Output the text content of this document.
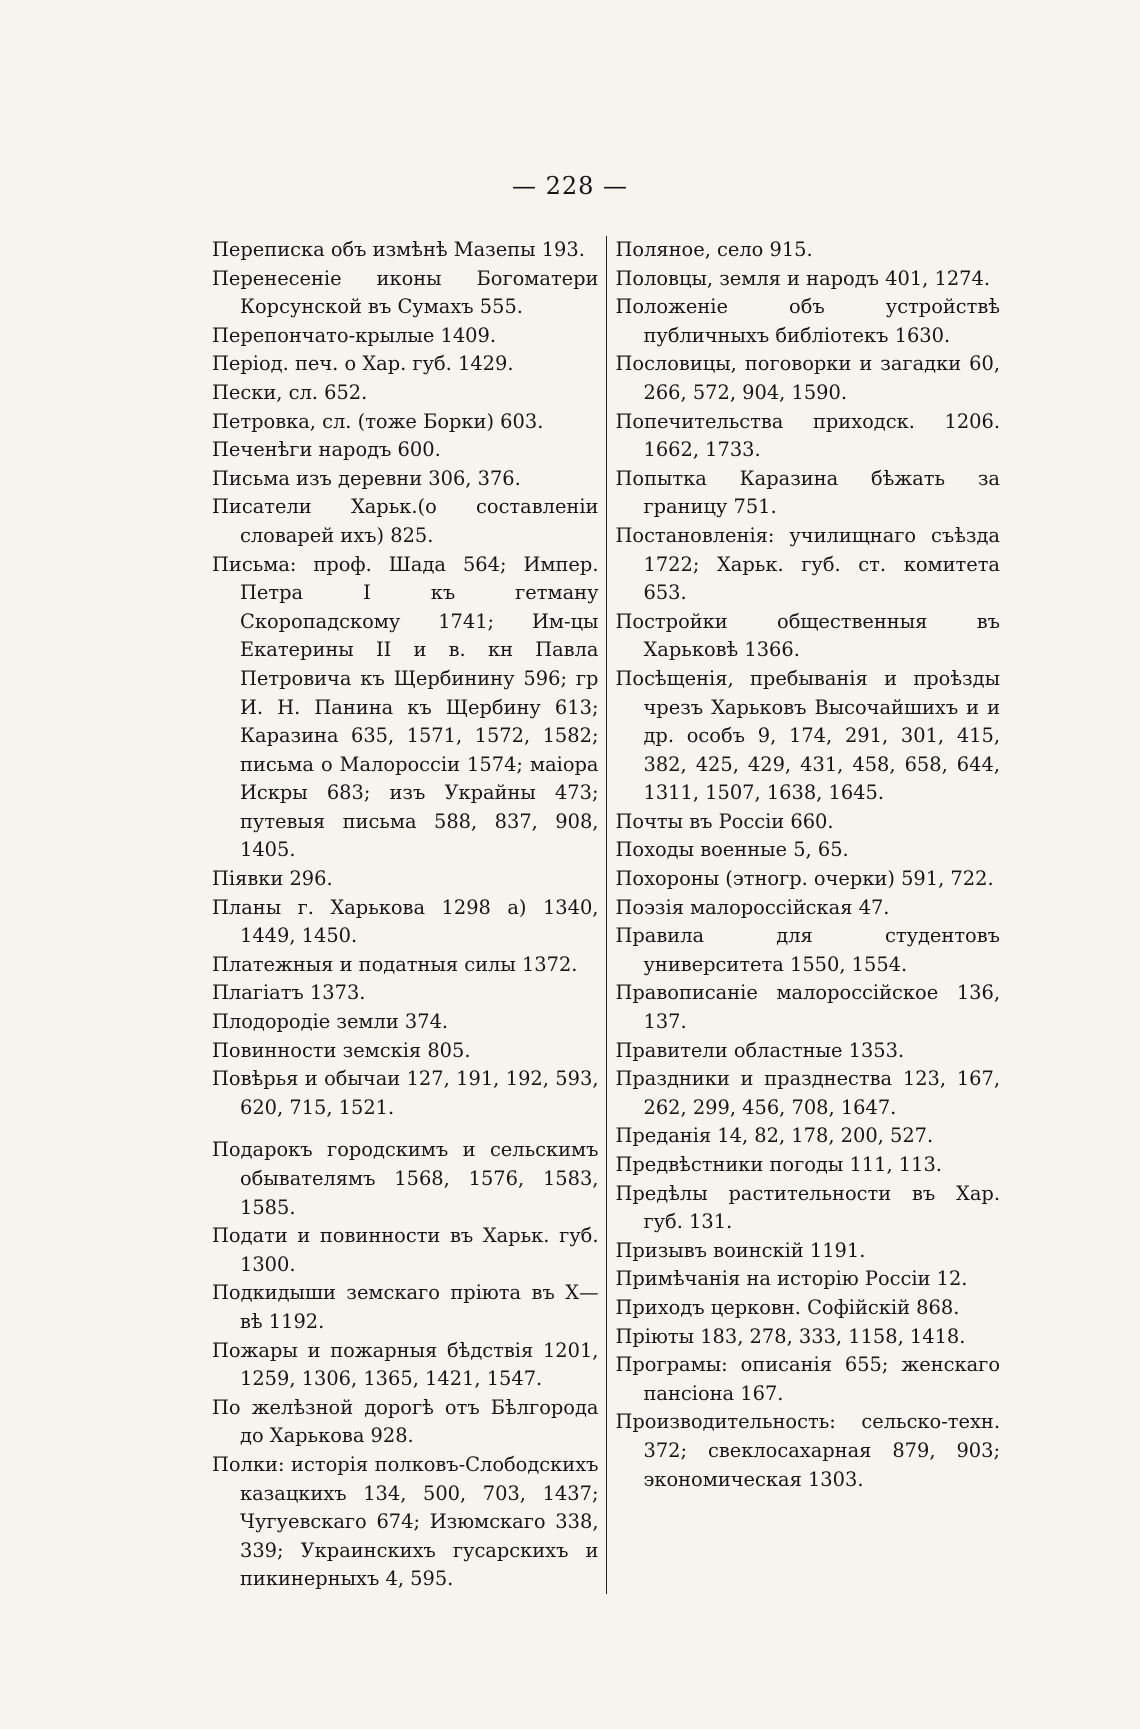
— 228 —
Переписка объ измѣнѣ Мазепы 193.
Перенесеніе иконы Богоматери Корсунской въ Сумахъ 555.
Перепончато-крылые 1409.
Період. печ. о Хар. губ. 1429.
Пески, сл. 652.
Петровка, сл. (тоже Борки) 603.
Печенѣги народъ 600.
Письма изъ деревни 306, 376.
Писатели Харьк.(о составленіи словарей ихъ) 825.
Письма: проф. Шада 564; Импер. Петра I къ гетману Скоропадскому 1741; Им-цы Екатерины II и в. кн Павла Петровича къ Щербинину 596; гр И. Н. Панина къ Щербину 613; Каразина 635, 1571, 1572, 1582; письма о Малороссіи 1574; маіора Искры 683; изъ Украйны 473; путевыя письма 588, 837, 908, 1405.
Піявки 296.
Планы г. Харькова 1298 а) 1340, 1449, 1450.
Платежныя и податныя силы 1372.
Плагіатъ 1373.
Плодородіе земли 374.
Повинности земскія 805.
Повѣрья и обычаи 127, 191, 192, 593, 620, 715, 1521.
Подарокъ городскимъ и сельскимъ обывателямъ 1568, 1576, 1583, 1585.
Подати и повинности въ Харьк. губ. 1300.
Подкидыши земскаго пріюта въ Х—вѣ 1192.
Пожары и пожарныя бѣдствія 1201, 1259, 1306, 1365, 1421, 1547.
По желѣзной дорогѣ отъ Бѣлгорода до Харькова 928.
Полки: исторія полковъ-Слободскихъ казацкихъ 134, 500, 703, 1437; Чугуевскаго 674; Изюмскаго 338, 339; Украинскихъ гусарскихъ и пикинерныхъ 4, 595.
Поляное, село 915.
Половцы, земля и народъ 401, 1274.
Положеніе объ устройствѣ публичныхъ библіотекъ 1630.
Пословицы, поговорки и загадки 60, 266, 572, 904, 1590.
Попечительства приходск. 1206. 1662, 1733.
Попытка Каразина бѣжать за границу 751.
Постановленія: училищнаго съѣзда 1722; Харьк. губ. ст. комитета 653.
Постройки общественныя въ Харьковѣ 1366.
Посѣщенія, пребыванія и проѣзды чрезъ Харьковъ Высочайшихъ и и др. особъ 9, 174, 291, 301, 415, 382, 425, 429, 431, 458, 658, 644, 1311, 1507, 1638, 1645.
Почты въ Россіи 660.
Походы военные 5, 65.
Похороны (этногр. очерки) 591, 722.
Поэзія малороссійская 47.
Правила для студентовъ университета 1550, 1554.
Правописаніе малороссійское 136, 137.
Правители областные 1353.
Праздники и празднества 123, 167, 262, 299, 456, 708, 1647.
Преданія 14, 82, 178, 200, 527.
Предвѣстники погоды 111, 113.
Предѣлы растительности въ Хар. губ. 131.
Призывъ воинскій 1191.
Примѣчанія на исторію Россіи 12.
Приходъ церковн. Софійскій 868.
Пріюты 183, 278, 333, 1158, 1418.
Програмы: описанія 655; женскаго пансіона 167.
Производительность: сельско-техн. 372; свеклосахарная 879, 903; экономическая 1303.
